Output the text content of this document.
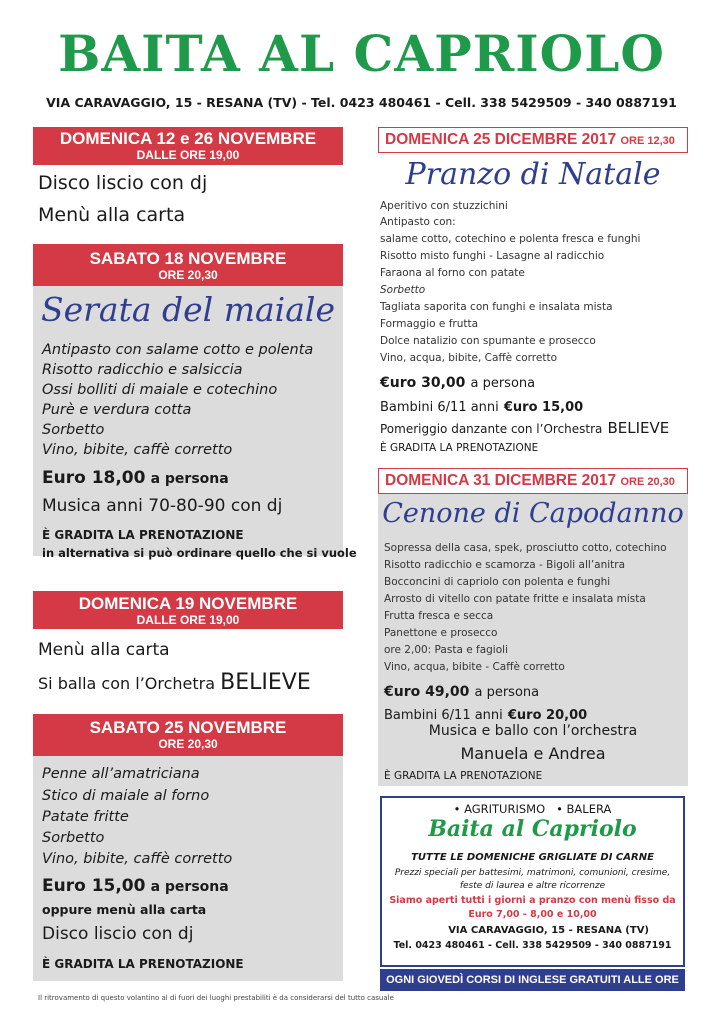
BAITA AL CAPRIOLO
VIA CARAVAGGIO, 15 - RESANA (TV) - Tel. 0423 480461 - Cell. 338 5429509 - 340 0887191
DOMENICA 12 e 26 NOVEMBRE
DALLE ORE 19,00
Disco liscio con dj
Menù alla carta
SABATO 18 NOVEMBRE
ORE 20,30
Serata del maiale
Antipasto con salame cotto e polenta
Risotto radicchio e salsiccia
Ossi bolliti di maiale e cotechino
Purè e verdura cotta
Sorbetto
Vino, bibite, caffè corretto
Euro 18,00 a persona
Musica anni 70-80-90 con dj
È GRADITA LA PRENOTAZIONE
in alternativa si può ordinare quello che si vuole
DOMENICA 19 NOVEMBRE
DALLE ORE 19,00
Menù alla carta
Si balla con l’Orchetra BELIEVE
SABATO 25 NOVEMBRE
ORE 20,30
Penne all’amatriciana
Stico di maiale al forno
Patate fritte
Sorbetto
Vino, bibite, caffè corretto
Euro 15,00 a persona
oppure menù alla carta
Disco liscio con dj
È GRADITA LA PRENOTAZIONE
DOMENICA 25 DICEMBRE 2017 ORE 12,30
Pranzo di Natale
Aperitivo con stuzzichini
Antipasto con:
salame cotto, cotechino e polenta fresca e funghi
Risotto misto funghi - Lasagne al radicchio
Faraona al forno con patate
Sorbetto
Tagliata saporita con funghi e insalata mista
Formaggio e frutta
Dolce natalizio con spumante e prosecco
Vino, acqua, bibite, Caffè corretto
€uro 30,00 a persona
Bambini 6/11 anni €uro 15,00
Pomeriggio danzante con l’Orchestra BELIEVE
È GRADITA LA PRENOTAZIONE
DOMENICA 31 DICEMBRE 2017 ORE 20,30
Cenone di Capodanno
Sopressa della casa, spek, prosciutto cotto, cotechino
Risotto radicchio e scamorza - Bigoli all’anitra
Bocconcini di capriolo con polenta e funghi
Arrosto di vitello con patate fritte e insalata mista
Frutta fresca e secca
Panettone e prosecco
ore 2,00: Pasta e fagioli
Vino, acqua, bibite - Caffè corretto
€uro 49,00 a persona
Bambini 6/11 anni €uro 20,00
Musica e ballo con l’orchestra
Manuela e Andrea
È GRADITA LA PRENOTAZIONE
• AGRITURISMO   • BALERA
Baita al Capriolo
TUTTE LE DOMENICHE GRIGLIATE DI CARNE
Prezzi speciali per battesimi, matrimoni, comunioni, cresime,
feste di laurea e altre ricorrenze
Siamo aperti tutti i giorni a pranzo con menù fisso da
Euro 7,00 - 8,00 e 10,00
VIA CARAVAGGIO, 15 - RESANA (TV)
Tel. 0423 480461 - Cell. 338 5429509 - 340 0887191
OGNI GIOVEDÌ CORSI DI INGLESE GRATUITI ALLE ORE 21,00
Il ritrovamento di questo volantino al di fuori dei luoghi prestabiliti è da considerarsi del tutto casuale
